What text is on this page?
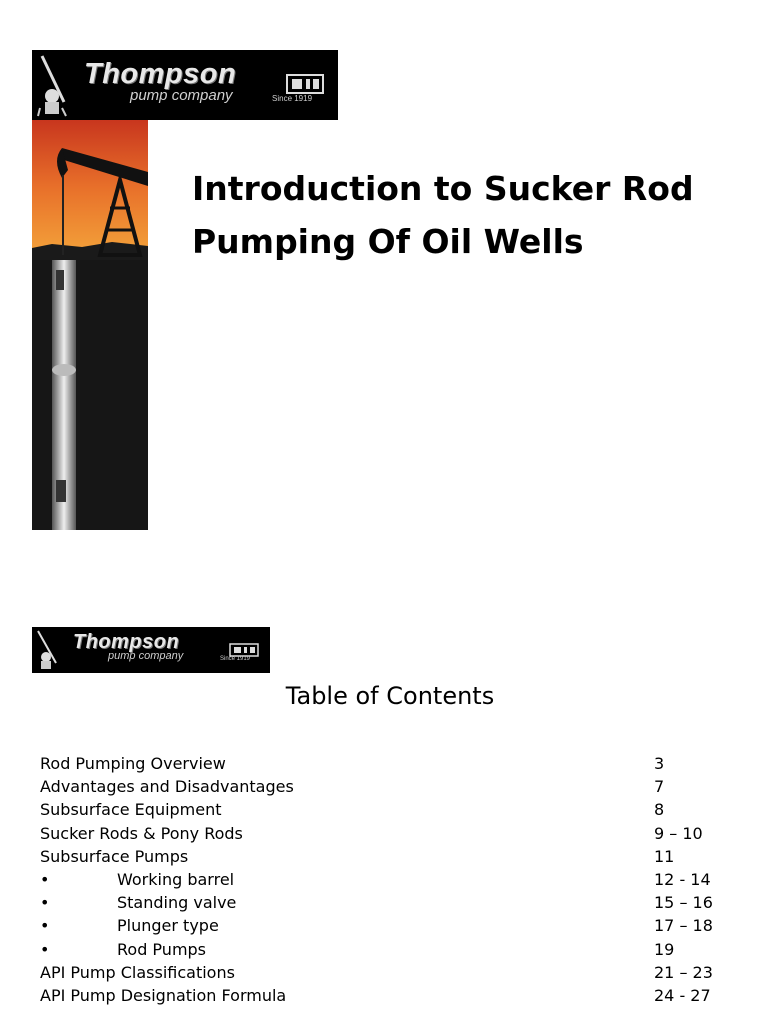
Thompson
pump company	Since 1919
Introduction to Sucker Rod
Pumping Of Oil Wells
Thompson
pump company	Since 1919
Table of Contents
Rod Pumping Overview	3
Advantages and Disadvantages	7
Subsurface Equipment	8
Sucker Rods & Pony Rods	9 – 10
Subsurface Pumps	11
•	Working barrel	12 - 14
•	Standing valve	15 – 16
•	Plunger type	17 – 18
•	Rod Pumps	19
API Pump Classifications	21 – 23
API Pump Designation Formula	24 - 27
